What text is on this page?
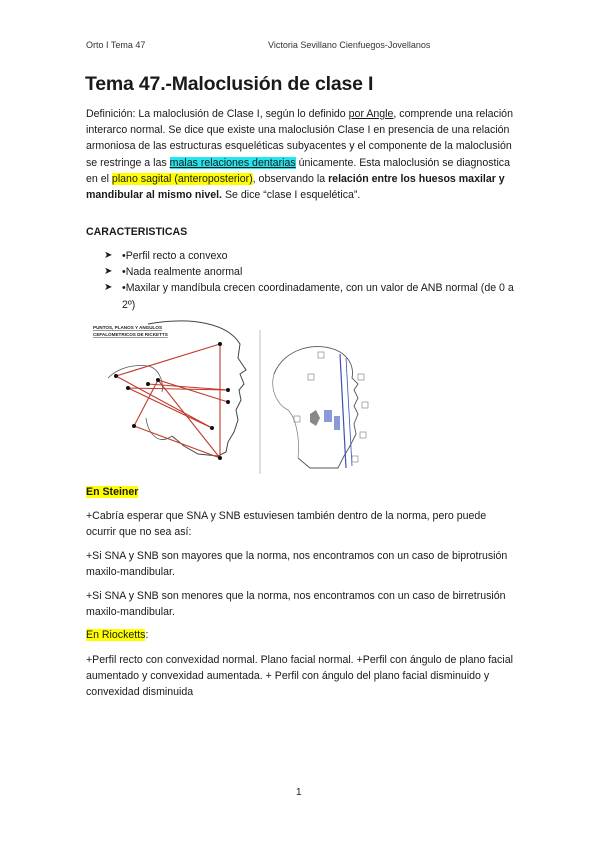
Orto I Tema 47	Victoria Sevillano Cienfuegos-Jovellanos
Tema 47.-Maloclusión de clase I

Definición: La maloclusión de Clase I, según lo definido por Angle, comprende una relación interarco normal. Se dice que existe una maloclusión Clase I en presencia de una relación armoniosa de las estructuras esqueléticas subyacentes y el componente de la maloclusión se restringe a las malas relaciones dentarias únicamente. Esta maloclusión se diagnostica en el plano sagital (anteroposterior), observando la relación entre los huesos maxilar y mandibular al mismo nivel. Se dice “clase I esquelética”.

CARACTERISTICAS
➤ •Perfil recto a convexo
➤ •Nada realmente anormal
➤ •Maxilar y mandíbula crecen coordinadamente, con un valor de ANB normal (de 0 a 2º)
PUNTOS, PLANOS Y ANGULOS
CEFALOMETRICOS DE RICKETTS
En Steiner

+Cabría esperar que SNA y SNB estuviesen también dentro de la norma, pero puede ocurrir que no sea así:

+Si SNA y SNB son mayores que la norma, nos encontramos con un caso de biprotrusión maxilo-mandibular.

+Si SNA y SNB son menores que la norma, nos encontramos con un caso de birretrusión maxilo-mandibular.

En Riocketts:

+Perfil recto con convexidad normal. Plano facial normal. +Perfil con ángulo de plano facial aumentado y convexidad aumentada. + Perfil con ángulo del plano facial disminuido y convexidad disminuida

1
